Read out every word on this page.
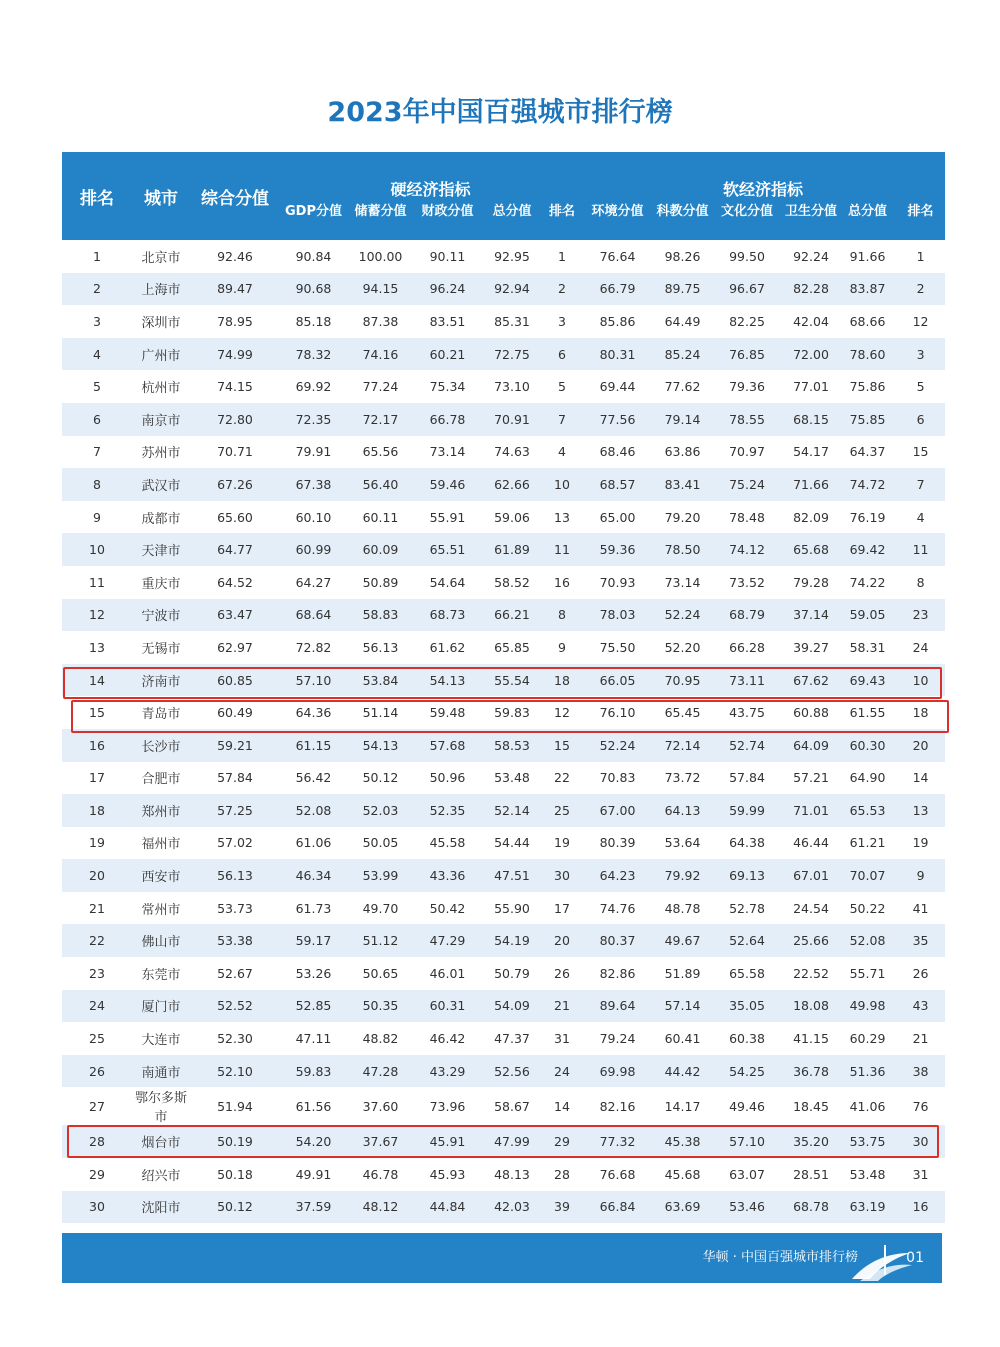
2023年中国百强城市排行榜
排名	城市	综合分值	硬经济指标					软经济指标					
			GDP分值	储蓄分值	财政分值	总分值	排名	环境分值	科教分值	文化分值	卫生分值	总分值	排名
1	北京市	92.46	90.84	100.00	90.11	92.95	1	76.64	98.26	99.50	92.24	91.66	1
2	上海市	89.47	90.68	94.15	96.24	92.94	2	66.79	89.75	96.67	82.28	83.87	2
3	深圳市	78.95	85.18	87.38	83.51	85.31	3	85.86	64.49	82.25	42.04	68.66	12
4	广州市	74.99	78.32	74.16	60.21	72.75	6	80.31	85.24	76.85	72.00	78.60	3
5	杭州市	74.15	69.92	77.24	75.34	73.10	5	69.44	77.62	79.36	77.01	75.86	5
6	南京市	72.80	72.35	72.17	66.78	70.91	7	77.56	79.14	78.55	68.15	75.85	6
7	苏州市	70.71	79.91	65.56	73.14	74.63	4	68.46	63.86	70.97	54.17	64.37	15
8	武汉市	67.26	67.38	56.40	59.46	62.66	10	68.57	83.41	75.24	71.66	74.72	7
9	成都市	65.60	60.10	60.11	55.91	59.06	13	65.00	79.20	78.48	82.09	76.19	4
10	天津市	64.77	60.99	60.09	65.51	61.89	11	59.36	78.50	74.12	65.68	69.42	11
11	重庆市	64.52	64.27	50.89	54.64	58.52	16	70.93	73.14	73.52	79.28	74.22	8
12	宁波市	63.47	68.64	58.83	68.73	66.21	8	78.03	52.24	68.79	37.14	59.05	23
13	无锡市	62.97	72.82	56.13	61.62	65.85	9	75.50	52.20	66.28	39.27	58.31	24
14	济南市	60.85	57.10	53.84	54.13	55.54	18	66.05	70.95	73.11	67.62	69.43	10
15	青岛市	60.49	64.36	51.14	59.48	59.83	12	76.10	65.45	43.75	60.88	61.55	18
16	长沙市	59.21	61.15	54.13	57.68	58.53	15	52.24	72.14	52.74	64.09	60.30	20
17	合肥市	57.84	56.42	50.12	50.96	53.48	22	70.83	73.72	57.84	57.21	64.90	14
18	郑州市	57.25	52.08	52.03	52.35	52.14	25	67.00	64.13	59.99	71.01	65.53	13
19	福州市	57.02	61.06	50.05	45.58	54.44	19	80.39	53.64	64.38	46.44	61.21	19
20	西安市	56.13	46.34	53.99	43.36	47.51	30	64.23	79.92	69.13	67.01	70.07	9
21	常州市	53.73	61.73	49.70	50.42	55.90	17	74.76	48.78	52.78	24.54	50.22	41
22	佛山市	53.38	59.17	51.12	47.29	54.19	20	80.37	49.67	52.64	25.66	52.08	35
23	东莞市	52.67	53.26	50.65	46.01	50.79	26	82.86	51.89	65.58	22.52	55.71	26
24	厦门市	52.52	52.85	50.35	60.31	54.09	21	89.64	57.14	35.05	18.08	49.98	43
25	大连市	52.30	47.11	48.82	46.42	47.37	31	79.24	60.41	60.38	41.15	60.29	21
26	南通市	52.10	59.83	47.28	43.29	52.56	24	69.98	44.42	54.25	36.78	51.36	38
27	鄂尔多斯市	51.94	61.56	37.60	73.96	58.67	14	82.16	14.17	49.46	18.45	41.06	76
28	烟台市	50.19	54.20	37.67	45.91	47.99	29	77.32	45.38	57.10	35.20	53.75	30
29	绍兴市	50.18	49.91	46.78	45.93	48.13	28	76.68	45.68	63.07	28.51	53.48	31
30	沈阳市	50.12	37.59	48.12	44.84	42.03	39	66.84	63.69	53.46	68.78	63.19	16
华顿 · 中国百强城市排行榜	01
